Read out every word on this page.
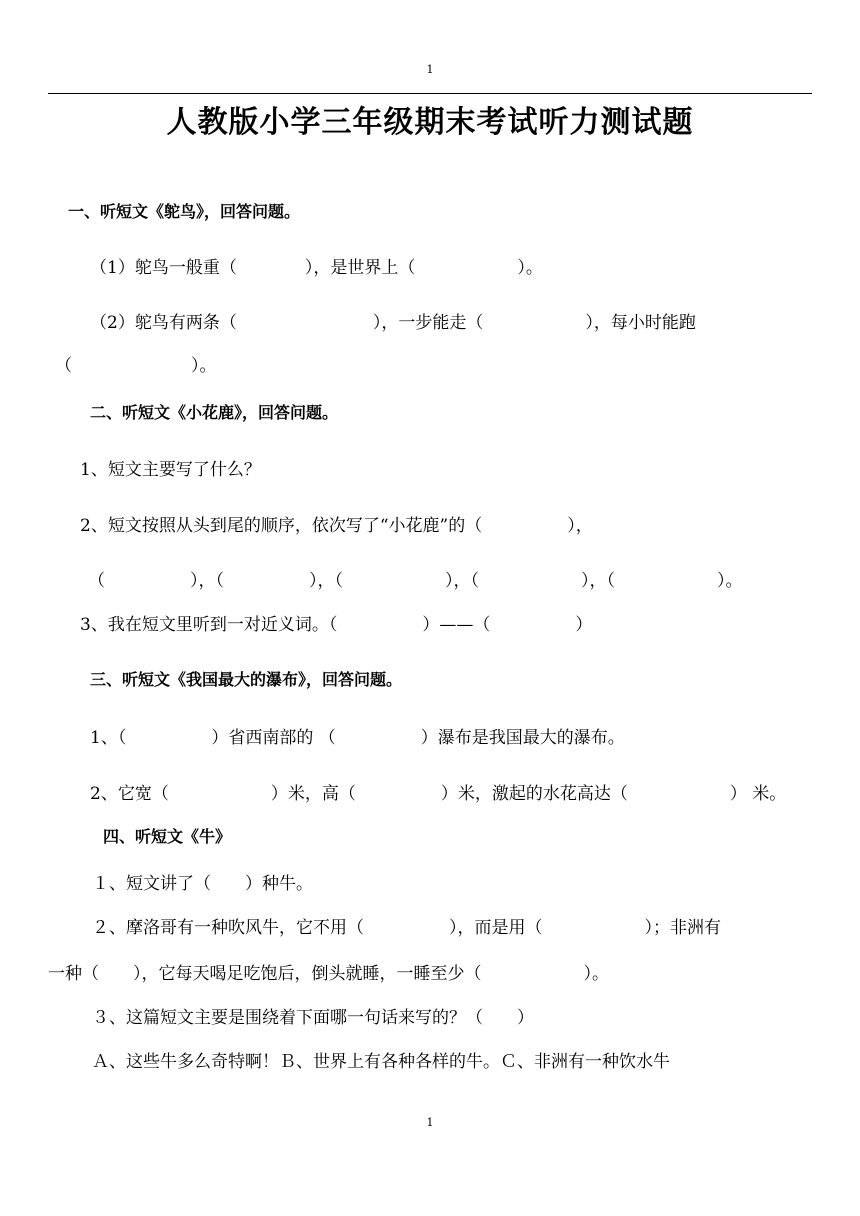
1
人教版小学三年级期末考试听力测试题
一、听短文《鸵鸟》，回答问题。
（1）鸵鸟一般重（　　　　），是世界上（　　　　　　）。
（2）鸵鸟有两条（　　　　　　　　），一步能走（　　　　　　），每小时能跑
（　　　　　　　）。
二、听短文《小花鹿》，回答问题。
1、短文主要写了什么？
2、短文按照从头到尾的顺序，依次写了“小花鹿”的（　　　　　），
（　　　　　），（　　　　　），（　　　　　　），（　　　　　　），（　　　　　　）。
3、我在短文里听到一对近义词。（　　　　　）——（　　　　　）
三、听短文《我国最大的瀑布》，回答问题。
1、（　　　　　）省西南部的 （　　　　　）瀑布是我国最大的瀑布。
2、它宽（　　　　　　）米，高（　　　　　）米，激起的水花高达（　　　　　　） 米。
四、听短文《牛》
１、短文讲了（　　）种牛。
２、摩洛哥有一种吹风牛，它不用（　　　　　），而是用（　　　　　　）；非洲有
一种（　　），它每天喝足吃饱后，倒头就睡，一睡至少（　　　　　　）。
３、这篇短文主要是围绕着下面哪一句话来写的？（　　）
Ａ、这些牛多么奇特啊！Ｂ、世界上有各种各样的牛。Ｃ、非洲有一种饮水牛
1
